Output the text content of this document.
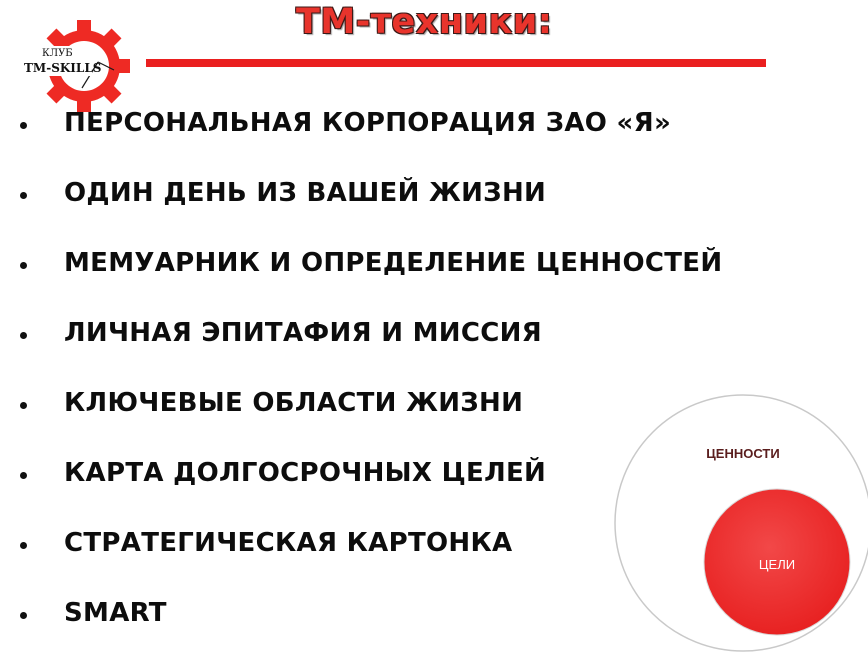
КЛУБ
TM-SKILLS
ТМ-техники:
ПЕРСОНАЛЬНАЯ КОРПОРАЦИЯ ЗАО «Я»
ОДИН ДЕНЬ ИЗ ВАШЕЙ ЖИЗНИ
МЕМУАРНИК И ОПРЕДЕЛЕНИЕ ЦЕННОСТЕЙ
ЛИЧНАЯ ЭПИТАФИЯ И МИССИЯ
КЛЮЧЕВЫЕ ОБЛАСТИ ЖИЗНИ
КАРТА ДОЛГОСРОЧНЫХ ЦЕЛЕЙ
СТРАТЕГИЧЕСКАЯ КАРТОНКА
SMART
ЦЕННОСТИ
ЦЕЛИ
